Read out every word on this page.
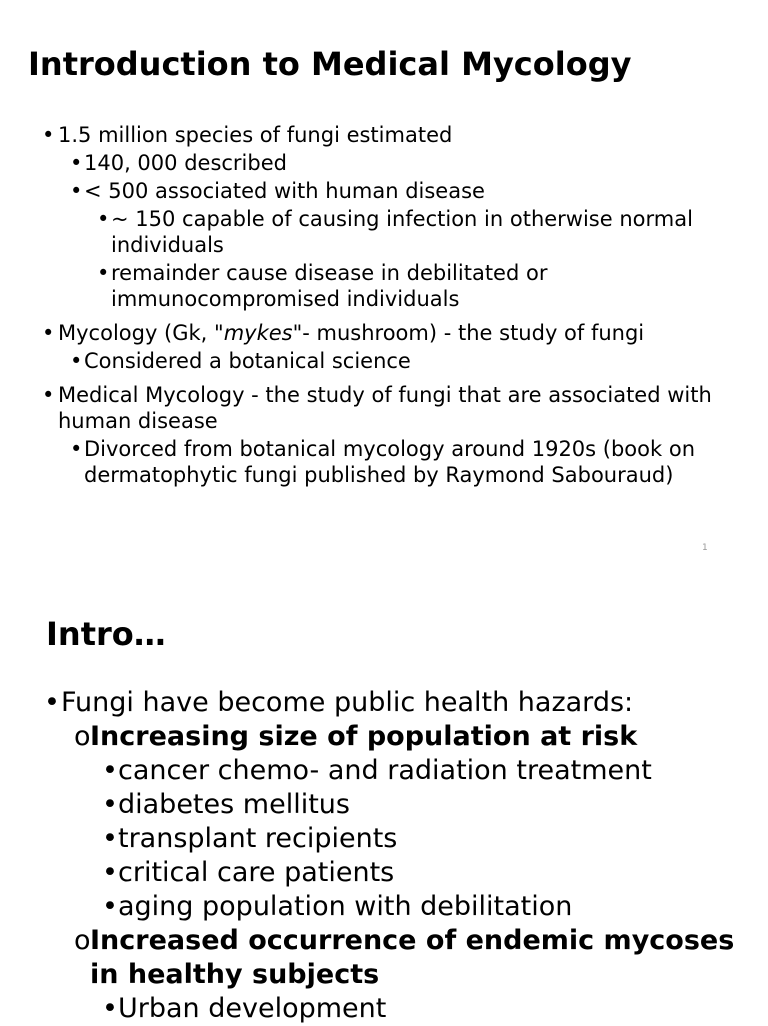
Introduction to Medical Mycology
• 1.5 million species of fungi estimated
• 140, 000 described
• < 500 associated with human disease
• ~ 150 capable of causing infection in otherwise normal individuals
• remainder cause disease in debilitated or immunocompromised individuals
• Mycology (Gk, "mykes"- mushroom) - the study of fungi
• Considered a botanical science
• Medical Mycology - the study of fungi that are associated with human disease
• Divorced from botanical mycology around 1920s (book on dermatophytic fungi published by Raymond Sabouraud)
1
Intro…
• Fungi have become public health hazards:
o Increasing size of population at risk
• cancer chemo- and radiation treatment
• diabetes mellitus
• transplant recipients
• critical care patients
• aging population with debilitation
o Increased occurrence of endemic mycoses in healthy subjects
• Urban development
